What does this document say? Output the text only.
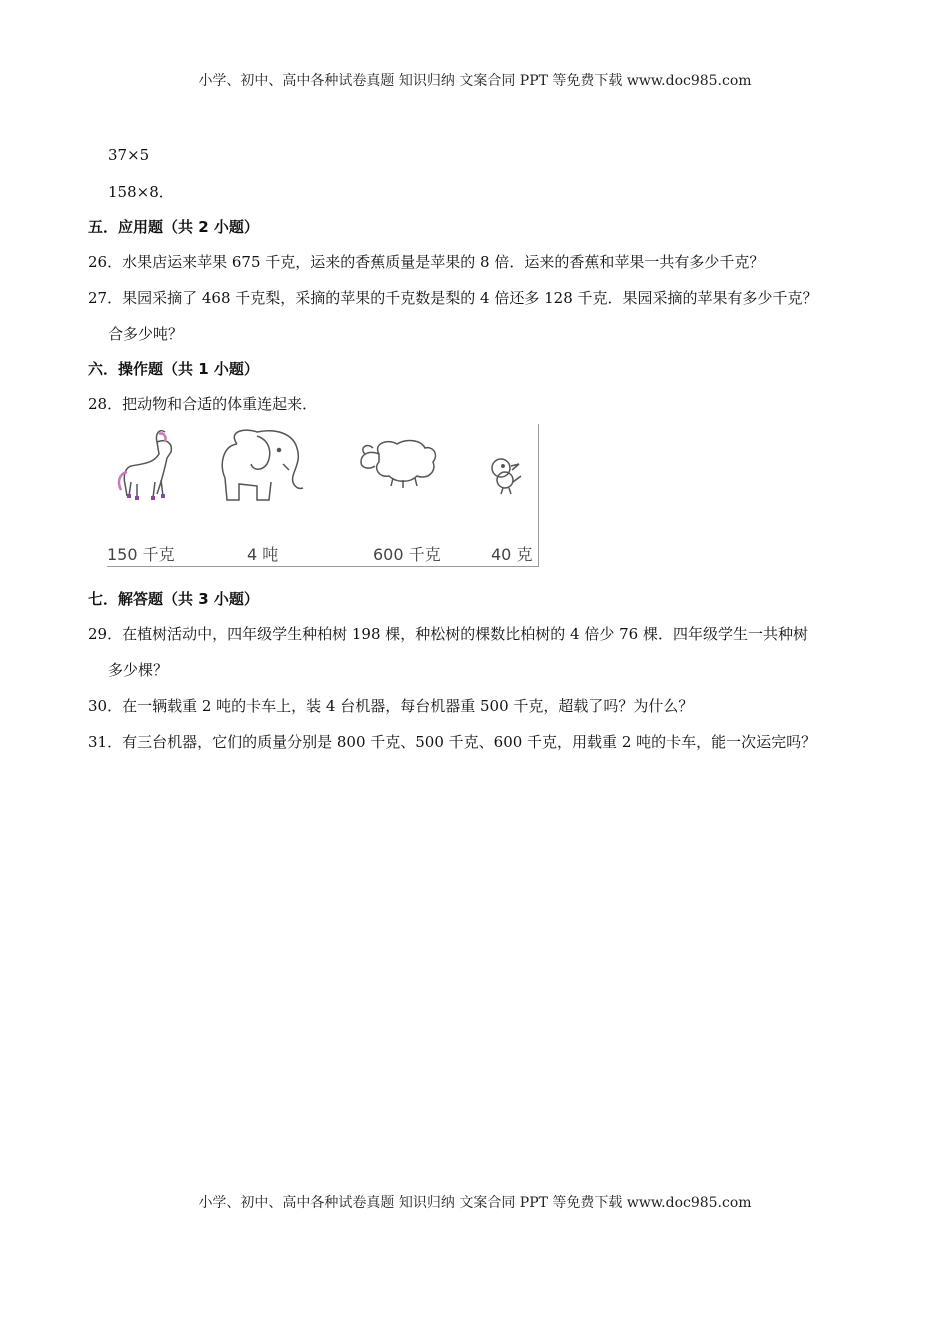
小学、初中、高中各种试卷真题 知识归纳 文案合同 PPT 等免费下载 www.doc985.com
37×5
158×8．
五．应用题（共 2 小题）
26．水果店运来苹果 675 千克，运来的香蕉质量是苹果的 8 倍．运来的香蕉和苹果一共有多少千克？
27．果园采摘了 468 千克梨，采摘的苹果的千克数是梨的 4 倍还多 128 千克．果园采摘的苹果有多少千克？
合多少吨？
六．操作题（共 1 小题）
28．把动物和合适的体重连起来．
150 千克	4 吨	600 千克	40 克
七．解答题（共 3 小题）
29．在植树活动中，四年级学生种柏树 198 棵，种松树的棵数比柏树的 4 倍少 76 棵．四年级学生一共种树
多少棵？
30．在一辆载重 2 吨的卡车上，装 4 台机器，每台机器重 500 千克，超载了吗？为什么？
31．有三台机器，它们的质量分别是 800 千克、500 千克、600 千克，用载重 2 吨的卡车，能一次运完吗？
小学、初中、高中各种试卷真题 知识归纳 文案合同 PPT 等免费下载 www.doc985.com
